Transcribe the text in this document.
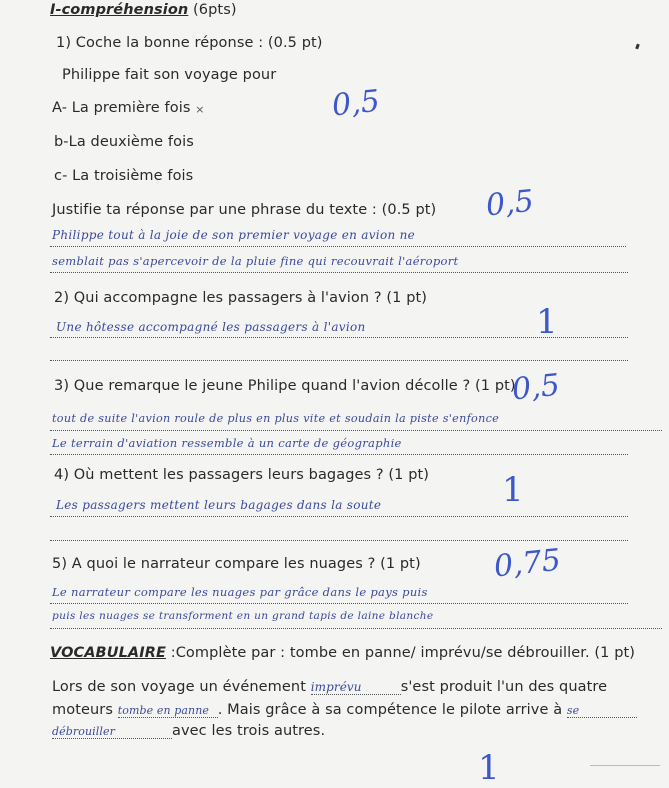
I-compréhension (6pts)
1) Coche la bonne réponse : (0.5 pt)
Philippe fait son voyage pour
A- La première fois ×	0,5
b-La deuxième fois
c- La troisième fois
Justifie ta réponse par une phrase du texte : (0.5 pt) 0,5
Philippe tout à la joie de son premier voyage en avion ne
semblait pas s'apercevoir de la pluie fine qui recouvrait l'aéroport
2) Qui accompagne les passagers à l'avion ? (1 pt)
Une hôtesse accompagné les passagers à l'avion	1
3) Que remarque le jeune Philipe quand l'avion décolle ? (1 pt)
0,5
tout de suite l'avion roule de plus en plus vite et soudain la piste s'enfonce
Le terrain d'aviation ressemble à un carte de géographie
4) Où mettent les passagers leurs bagages ? (1 pt) 1
Les passagers mettent leurs bagages dans la soute
5) A quoi le narrateur compare les nuages ? (1 pt) 0,75
Le narrateur compare les nuages par grâce dans le pays puis
puis les nuages se transforment en un grand tapis de laine blanche
VOCABULAIRE :Complète par : tombe en panne/ imprévu/se débrouiller. (1 pt)
Lors de son voyage un événement imprévu	s'est produit l'un des quatre
moteurs tombe en panne . Mais grâce à sa compétence le pilote arrive à se
débrouiller	avec les trois autres.
1
